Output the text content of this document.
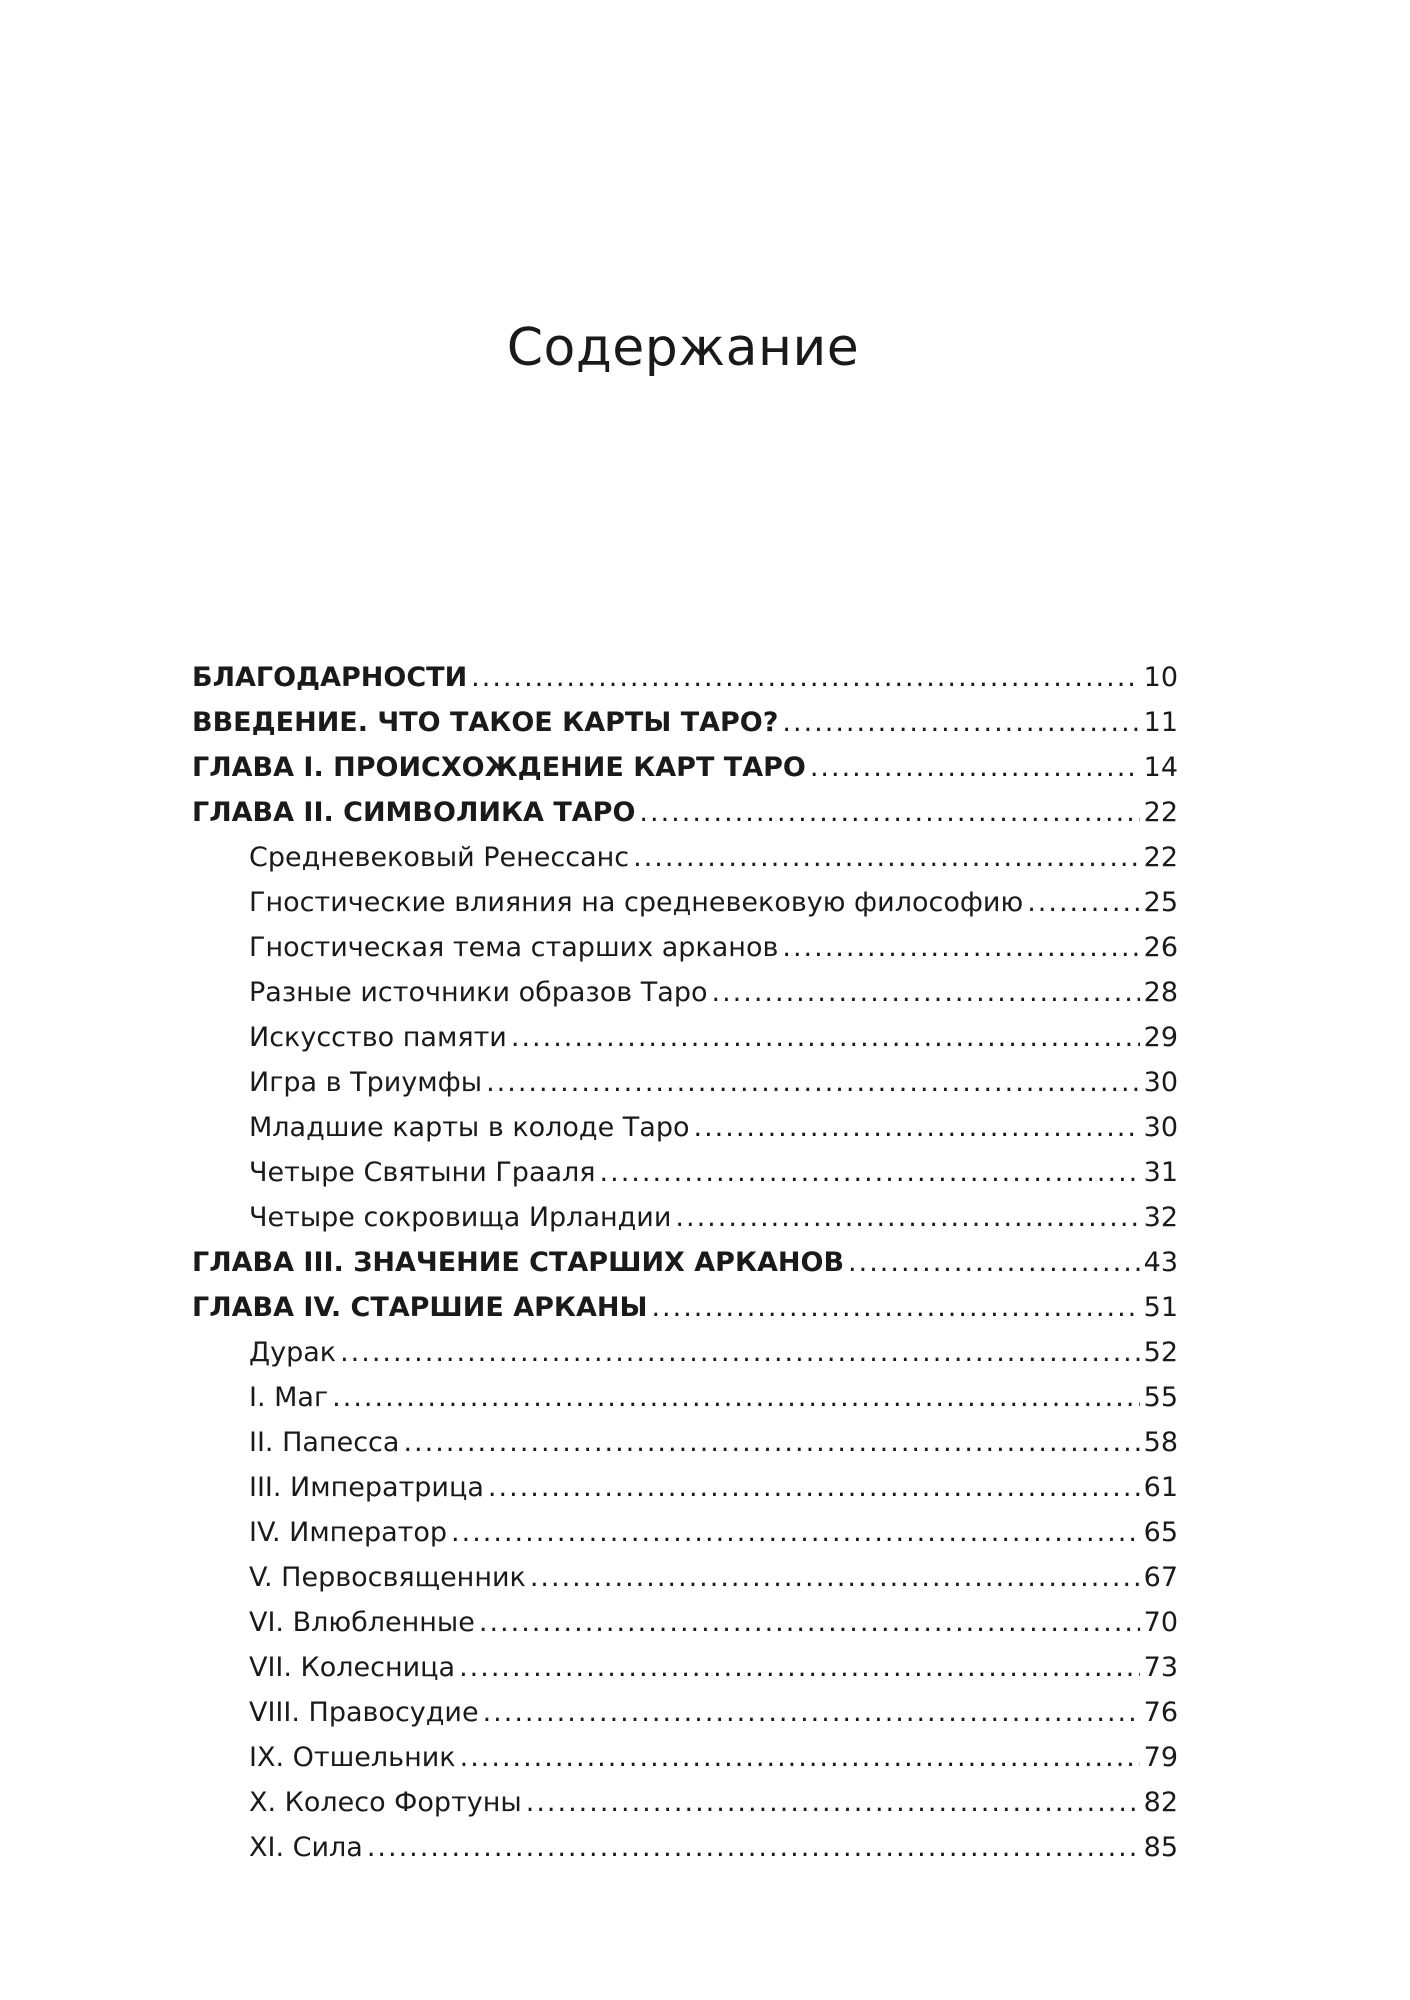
Содержание
БЛАГОДАРНОСТИ .....	10
ВВЕДЕНИЕ. ЧТО ТАКОЕ КАРТЫ ТАРО? .....	11
ГЛАВА I. ПРОИСХОЖДЕНИЕ КАРТ ТАРО .....	14
ГЛАВА II. СИМВОЛИКА ТАРО .....	22
Средневековый Ренессанс .....	22
Гностические влияния на средневековую философию .....	25
Гностическая тема старших арканов .....	26
Разные источники образов Таро .....	28
Искусство памяти .....	29
Игра в Триумфы .....	30
Младшие карты в колоде Таро .....	30
Четыре Святыни Грааля .....	31
Четыре сокровища Ирландии .....	32
ГЛАВА III. ЗНАЧЕНИЕ СТАРШИХ АРКАНОВ .....	43
ГЛАВА IV. СТАРШИЕ АРКАНЫ .....	51
Дурак .....	52
I. Маг .....	55
II. Папесса .....	58
III. Императрица .....	61
IV. Император .....	65
V. Первосвященник .....	67
VI. Влюбленные .....	70
VII. Колесница .....	73
VIII. Правосудие .....	76
IX. Отшельник .....	79
X. Колесо Фортуны .....	82
XI. Сила .....	85
